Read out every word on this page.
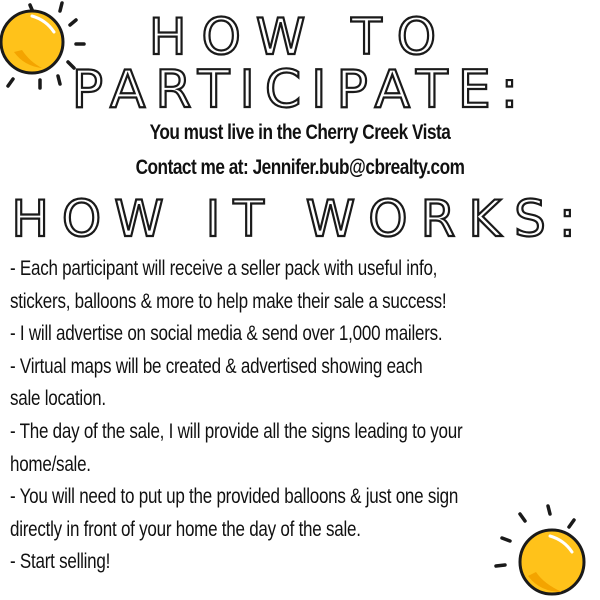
HOW TO
PARTICIPATE:
You must live in the Cherry Creek Vista
Contact me at: Jennifer.bub@cbrealty.com
HOW IT WORKS:
- Each participant will receive a seller pack with useful info,
stickers, balloons & more to help make their sale a success!
- I will advertise on social media & send over 1,000 mailers.
- Virtual maps will be created & advertised showing each
sale location.
- The day of the sale, I will provide all the signs leading to your
home/sale.
- You will need to put up the provided balloons & just one sign
directly in front of your home the day of the sale.
- Start selling!
